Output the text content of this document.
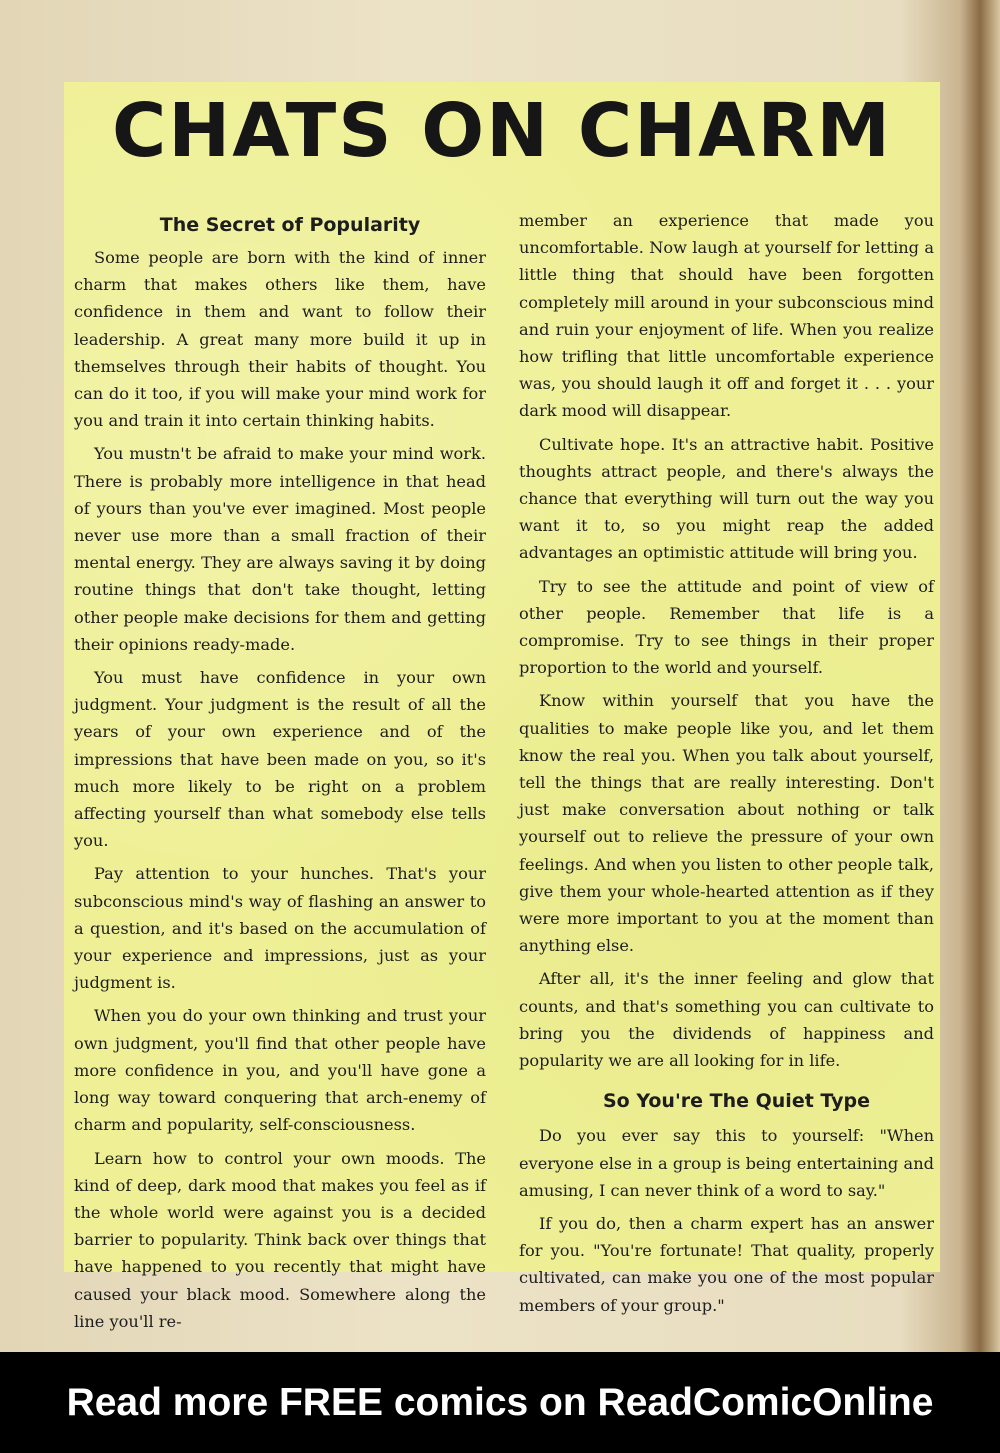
CHATS ON CHARM

The Secret of Popularity

Some people are born with the kind of inner charm that makes others like them, have confidence in them and want to follow their leadership. A great many more build it up in themselves through their habits of thought. You can do it too, if you will make your mind work for you and train it into certain thinking habits.

You mustn't be afraid to make your mind work. There is probably more intelligence in that head of yours than you've ever imagined. Most people never use more than a small fraction of their mental energy. They are always saving it by doing routine things that don't take thought, letting other people make decisions for them and getting their opinions ready-made.

You must have confidence in your own judgment. Your judgment is the result of all the years of your own experience and of the impressions that have been made on you, so it's much more likely to be right on a problem affecting yourself than what somebody else tells you.

Pay attention to your hunches. That's your subconscious mind's way of flashing an answer to a question, and it's based on the accumulation of your experience and impressions, just as your judgment is.

When you do your own thinking and trust your own judgment, you'll find that other people have more confidence in you, and you'll have gone a long way toward conquering that arch-enemy of charm and popularity, self-consciousness.

Learn how to control your own moods. The kind of deep, dark mood that makes you feel as if the whole world were against you is a decided barrier to popularity. Think back over things that have happened to you recently that might have caused your black mood. Somewhere along the line you'll re-

member an experience that made you uncomfortable. Now laugh at yourself for letting a little thing that should have been forgotten completely mill around in your subconscious mind and ruin your enjoyment of life. When you realize how trifling that little uncomfortable experience was, you should laugh it off and forget it . . . your dark mood will disappear.

Cultivate hope. It's an attractive habit. Positive thoughts attract people, and there's always the chance that everything will turn out the way you want it to, so you might reap the added advantages an optimistic attitude will bring you.

Try to see the attitude and point of view of other people. Remember that life is a compromise. Try to see things in their proper proportion to the world and yourself.

Know within yourself that you have the qualities to make people like you, and let them know the real you. When you talk about yourself, tell the things that are really interesting. Don't just make conversation about nothing or talk yourself out to relieve the pressure of your own feelings. And when you listen to other people talk, give them your whole-hearted attention as if they were more important to you at the moment than anything else.

After all, it's the inner feeling and glow that counts, and that's something you can cultivate to bring you the dividends of happiness and popularity we are all looking for in life.

So You're The Quiet Type

Do you ever say this to yourself: "When everyone else in a group is being entertaining and amusing, I can never think of a word to say."

If you do, then a charm expert has an answer for you. "You're fortunate! That quality, properly cultivated, can make you one of the most popular members of your group."

Read more FREE comics on ReadComicOnline
